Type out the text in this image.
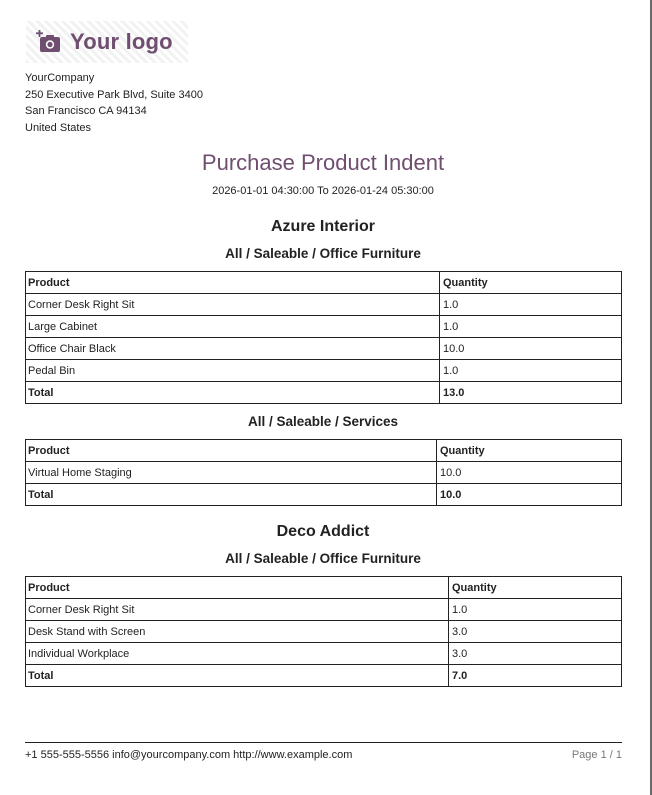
Your logo
YourCompany
250 Executive Park Blvd, Suite 3400
San Francisco CA 94134
United States
Purchase Product Indent
2026-01-01 04:30:00 To 2026-01-24 05:30:00
Azure Interior
All / Saleable / Office Furniture
Product	Quantity
Corner Desk Right Sit	1.0
Large Cabinet	1.0
Office Chair Black	10.0
Pedal Bin	1.0
Total	13.0
All / Saleable / Services
Product	Quantity
Virtual Home Staging	10.0
Total	10.0
Deco Addict
All / Saleable / Office Furniture
Product	Quantity
Corner Desk Right Sit	1.0
Desk Stand with Screen	3.0
Individual Workplace	3.0
Total	7.0
+1 555-555-5556 info@yourcompany.com http://www.example.com	Page 1 / 1
